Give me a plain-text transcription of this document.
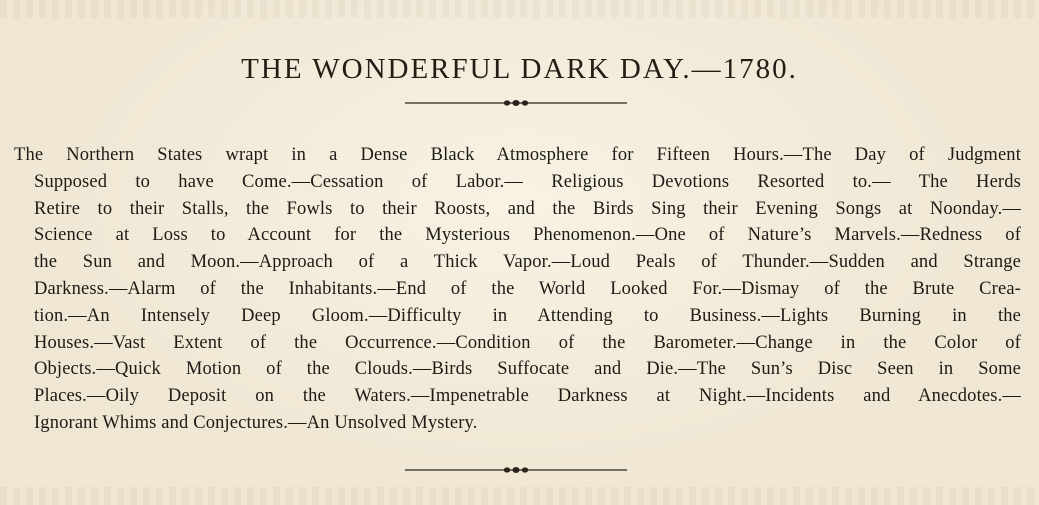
THE WONDERFUL DARK DAY.—1780.
The Northern States wrapt in a Dense Black Atmosphere for Fifteen Hours.—The Day of Judgment
Supposed to have Come.—Cessation of Labor.— Religious Devotions Resorted to.— The Herds
Retire to their Stalls, the Fowls to their Roosts, and the Birds Sing their Evening Songs at Noonday.—
Science at Loss to Account for the Mysterious Phenomenon.—One of Nature’s Marvels.—Redness of
the Sun and Moon.—Approach of a Thick Vapor.—Loud Peals of Thunder.—Sudden and Strange
Darkness.—Alarm of the Inhabitants.—End of the World Looked For.—Dismay of the Brute Crea-
tion.—An Intensely Deep Gloom.—Difficulty in Attending to Business.—Lights Burning in the
Houses.—Vast Extent of the Occurrence.—Condition of the Barometer.—Change in the Color of
Objects.—Quick Motion of the Clouds.—Birds Suffocate and Die.—The Sun’s Disc Seen in Some
Places.—Oily Deposit on the Waters.—Impenetrable Darkness at Night.—Incidents and Anecdotes.—
Ignorant Whims and Conjectures.—An Unsolved Mystery.
